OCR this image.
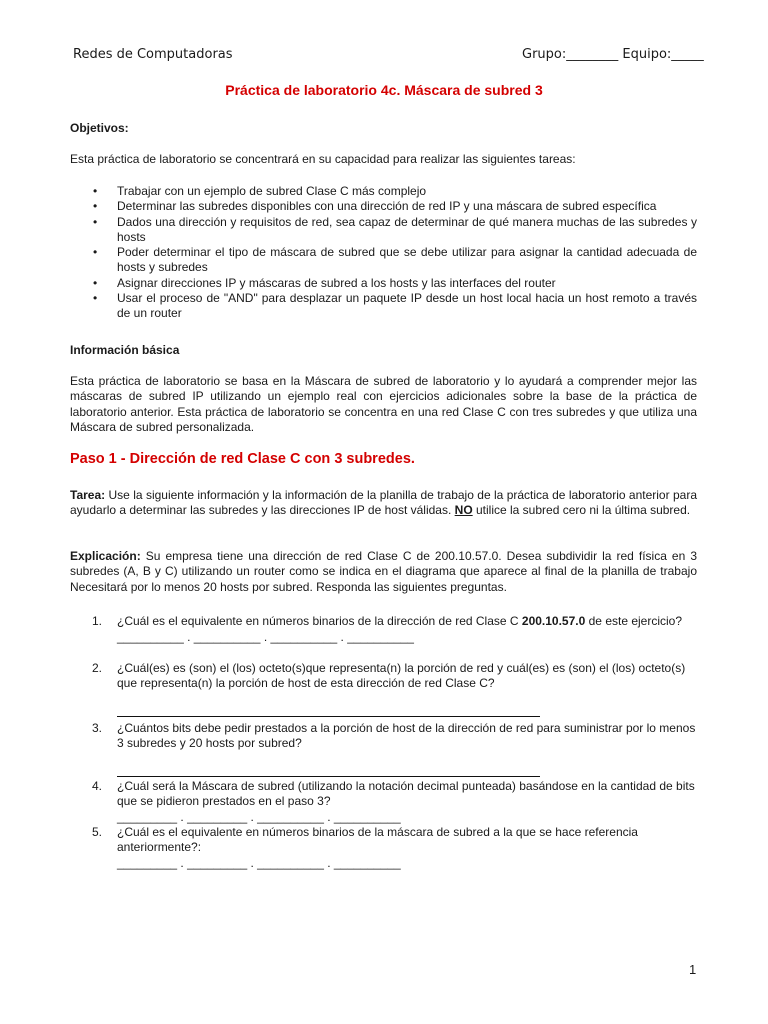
Redes de Computadoras	Grupo:________ Equipo:_____
Práctica de laboratorio 4c. Máscara de subred 3
Objetivos:
Esta práctica de laboratorio se concentrará en su capacidad para realizar las siguientes tareas:
• Trabajar con un ejemplo de subred Clase C más complejo
• Determinar las subredes disponibles con una dirección de red IP y una máscara de subred específica
• Dados una dirección y requisitos de red, sea capaz de determinar de qué manera muchas de las subredes y hosts
• Poder determinar el tipo de máscara de subred que se debe utilizar para asignar la cantidad adecuada de hosts y subredes
• Asignar direcciones IP y máscaras de subred a los hosts y las interfaces del router
• Usar el proceso de "AND" para desplazar un paquete IP desde un host local hacia un host remoto a través de un router
Información básica
Esta práctica de laboratorio se basa en la Máscara de subred de laboratorio y lo ayudará a comprender mejor las máscaras de subred IP utilizando un ejemplo real con ejercicios adicionales sobre la base de la práctica de laboratorio anterior. Esta práctica de laboratorio se concentra en una red Clase C con tres subredes y que utiliza una Máscara de subred personalizada.
Paso 1 - Dirección de red Clase C con 3 subredes.
Tarea: Use la siguiente información y la información de la planilla de trabajo de la práctica de laboratorio anterior para ayudarlo a determinar las subredes y las direcciones IP de host válidas. NO utilice la subred cero ni la última subred.
Explicación: Su empresa tiene una dirección de red Clase C de 200.10.57.0. Desea subdividir la red física en 3 subredes (A, B y C) utilizando un router como se indica en el diagrama que aparece al final de la planilla de trabajo Necesitará por lo menos 20 hosts por subred. Responda las siguientes preguntas.
1. ¿Cuál es el equivalente en números binarios de la dirección de red Clase C 200.10.57.0 de este ejercicio?
__________ . __________ . __________ . __________
2. ¿Cuál(es) es (son) el (los) octeto(s)que representa(n) la porción de red y cuál(es) es (son) el (los) octeto(s) que representa(n) la porción de host de esta dirección de red Clase C?
3. ¿Cuántos bits debe pedir prestados a la porción de host de la dirección de red para suministrar por lo menos 3 subredes y 20 hosts por subred?
4. ¿Cuál será la Máscara de subred (utilizando la notación decimal punteada) basándose en la cantidad de bits que se pidieron prestados en el paso 3?
_________ . _________ . __________ . __________
5. ¿Cuál es el equivalente en números binarios de la máscara de subred a la que se hace referencia anteriormente?:
_________ . _________ . __________ . __________
1
